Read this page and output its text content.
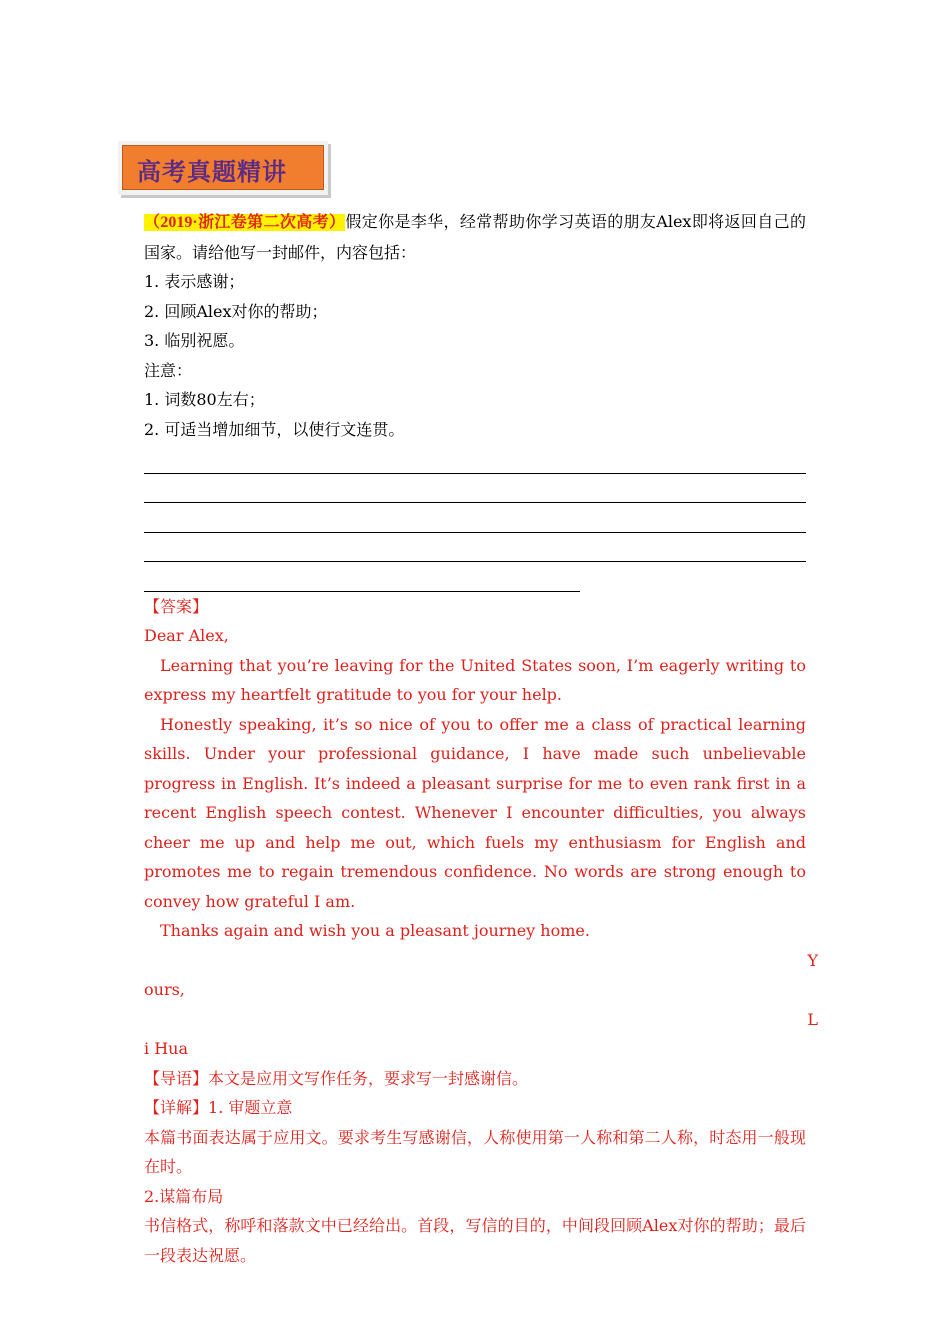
高考真题精讲
（2019·浙江卷第二次高考）假定你是李华，经常帮助你学习英语的朋友Alex即将返回自己的国家。请给他写一封邮件，内容包括：
1. 表示感谢；
2. 回顾Alex对你的帮助；
3. 临别祝愿。
注意：
1. 词数80左右；
2. 可适当增加细节，以使行文连贯。
【答案】
Dear Alex,
Learning that you’re leaving for the United States soon, I’m eagerly writing to express my heartfelt gratitude to you for your help.
Honestly speaking, it’s so nice of you to offer me a class of practical learning skills. Under your professional guidance, I have made such unbelievable progress in English. It’s indeed a pleasant surprise for me to even rank first in a recent English speech contest. Whenever I encounter difficulties, you always cheer me up and help me out, which fuels my enthusiasm for English and promotes me to regain tremendous confidence. No words are strong enough to convey how grateful I am.
Thanks again and wish you a pleasant journey home.
Y
ours,
L
i Hua
【导语】本文是应用文写作任务，要求写一封感谢信。
【详解】1. 审题立意
本篇书面表达属于应用文。要求考生写感谢信，人称使用第一人称和第二人称，时态用一般现在时。
2.谋篇布局
书信格式，称呼和落款文中已经给出。首段，写信的目的，中间段回顾Alex对你的帮助；最后一段表达祝愿。
